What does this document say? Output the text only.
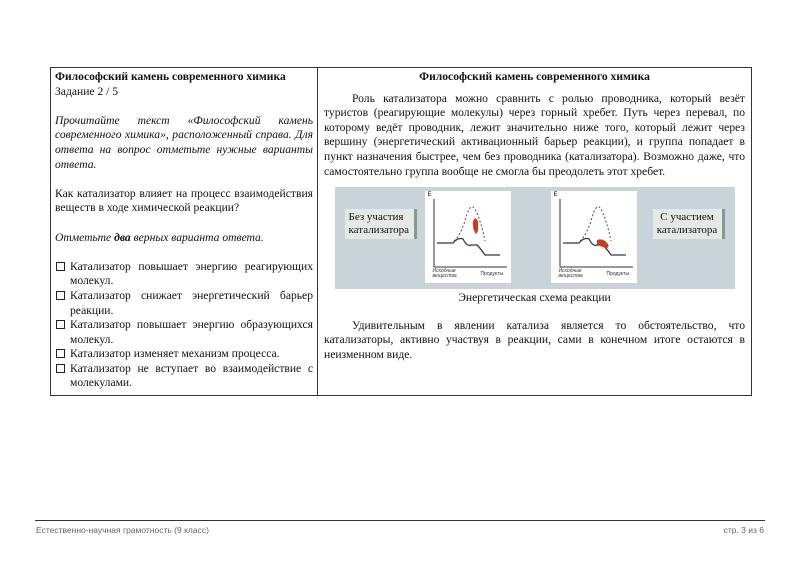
Философский камень современного химика

Задание 2 / 5

Прочитайте текст «Философский камень современного химика», расположенный справа. Для ответа на вопрос отметьте нужные варианты ответа.

Как катализатор влияет на процесс взаимодействия веществ в ходе химической реакции?

Отметьте два верных варианта ответа.

Катализатор повышает энергию реагирующих молекул.
Катализатор снижает энергетический барьер реакции.
Катализатор повышает энергию образующихся молекул.
Катализатор изменяет механизм процесса.
Катализатор не вступает во взаимодействие с молекулами.

Философский камень современного химика

Роль катализатора можно сравнить с ролью проводника, который везёт туристов (реагирующие молекулы) через горный хребет. Путь через перевал, по которому ведёт проводник, лежит значительно ниже того, который лежит через вершину (энергетический активационный барьер реакции), и группа попадает в пункт назначения быстрее, чем без проводника (катализатора). Возможно даже, что самостоятельно группа вообще не смогла бы преодолеть этот хребет.

Без участия катализатора
С участием катализатора
E
Исходные вещества	Продукты
E
Исходные вещества	Продукты

Энергетическая схема реакции

Удивительным в явлении катализа является то обстоятельство, что катализаторы, активно участвуя в реакции, сами в конечном итоге остаются в неизменном виде.

Естественно-научная грамотность (9 класс)	стр. 3 из 6
